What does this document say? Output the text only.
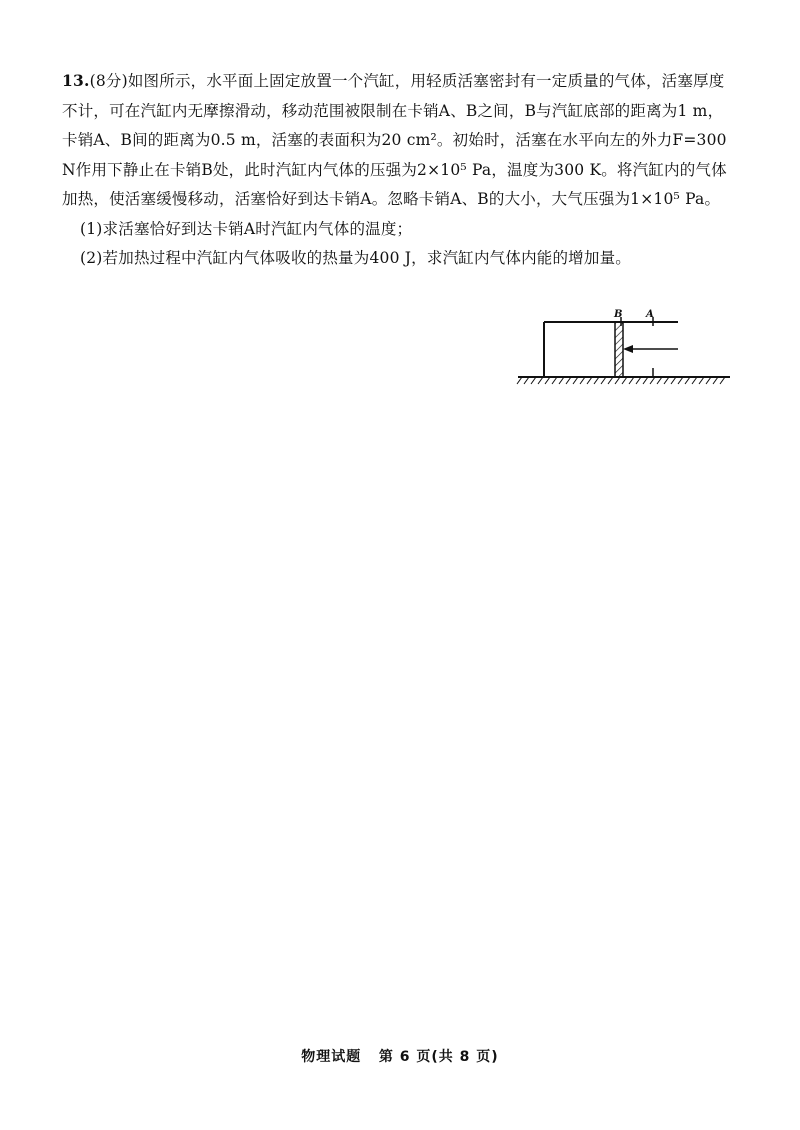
13.(8分)如图所示，水平面上固定放置一个汽缸，用轻质活塞密封有一定质量的气体，活塞厚度不计，可在汽缸内无摩擦滑动，移动范围被限制在卡销A、B之间，B与汽缸底部的距离为1 m，卡销A、B间的距离为0.5 m，活塞的表面积为20 cm²。初始时，活塞在水平向左的外力F=300 N作用下静止在卡销B处，此时汽缸内气体的压强为2×10⁵ Pa，温度为300 K。将汽缸内的气体加热，使活塞缓慢移动，活塞恰好到达卡销A。忽略卡销A、B的大小，大气压强为1×10⁵ Pa。

(1)求活塞恰好到达卡销A时汽缸内气体的温度；

(2)若加热过程中汽缸内气体吸收的热量为400 J，求汽缸内气体内能的增加量。

B A
物理试题 第 6 页(共 8 页)
